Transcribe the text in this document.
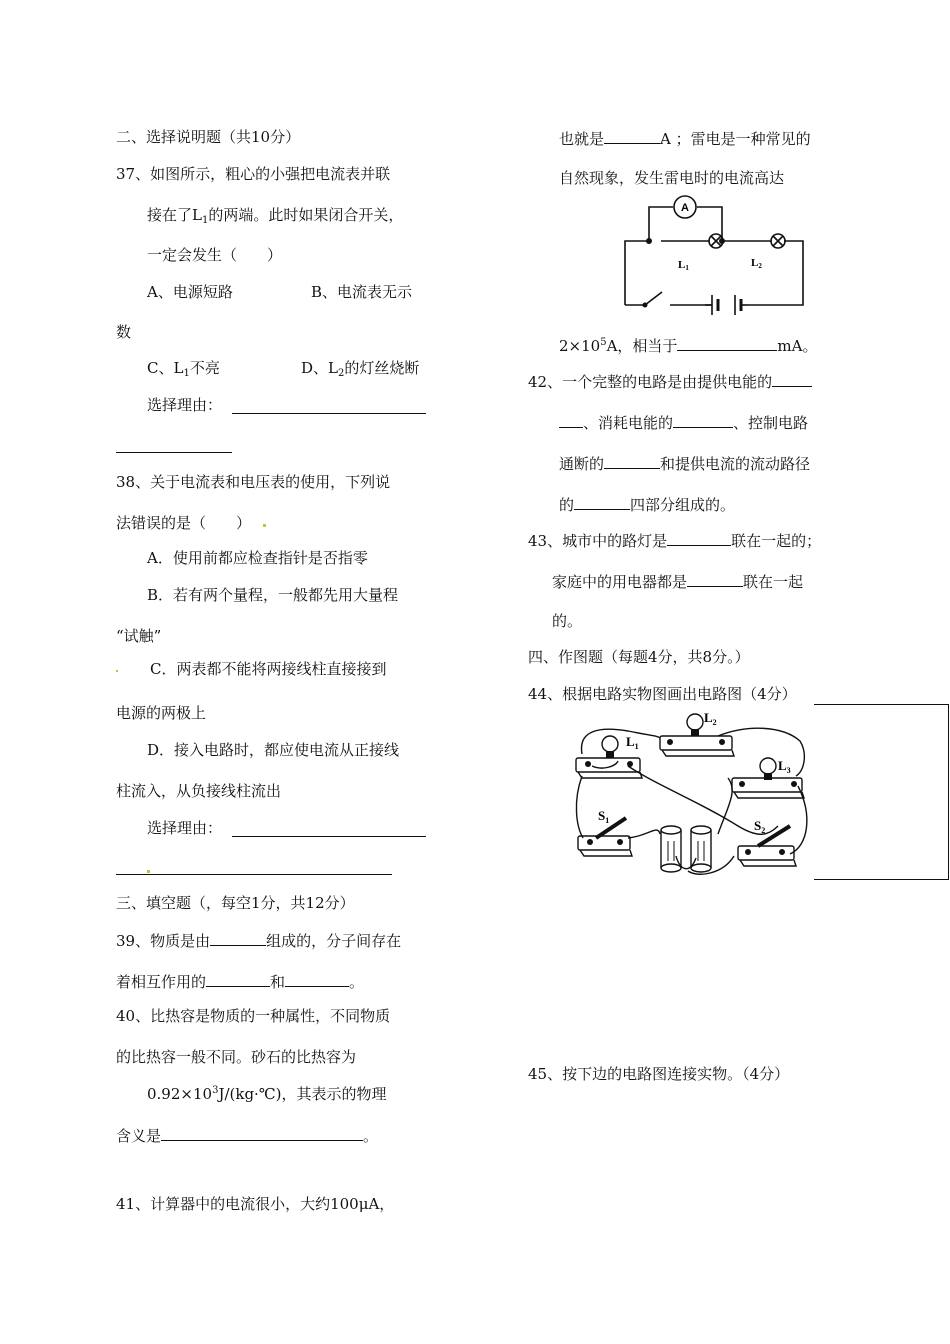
二、选择说明题（共10分）
37、如图所示，粗心的小强把电流表并联
接在了$L_1$的两端。此时如果闭合开关，
一定会发生（　　）
A、电源短路	B、电流表无示
数
C、$L_1$不亮	D、$L_2$的灯丝烧断
选择理由：
38、关于电流表和电压表的使用，下列说
法错误的是（　　）
A．使用前都应检查指针是否指零
B．若有两个量程，一般都先用大量程
“试触”
C．两表都不能将两接线柱直接接到
电源的两极上
D．接入电路时，都应使电流从正接线
柱流入，从负接线柱流出
选择理由：
三、填空题（，每空1分，共12分）
39、物质是由	组成的，分子间存在
着相互作用的	和	。
40、比热容是物质的一种属性，不同物质
的比热容一般不同。砂石的比热容为
$0.92\times 10^3J/(kg\cdot℃)$，其表示的物理
含义是	。
41、计算器中的电流很小，大约100μA，
也就是	A ；雷电是一种常见的
自然现象，发生雷电时的电流高达
A
L1	L2
$2\times 10^5A$，相当于	mA。
42、一个完整的电路是由提供电能的
、消耗电能的	、控制电路
通断的	和提供电流的流动路径
的	四部分组成的。
43、城市中的路灯是	联在一起的；
家庭中的用电器都是	联在一起
的。
四、作图题（每题4分，共8分。）
44、根据电路实物图画出电路图（4分）
$L_1$
$L_2$
$L_3$
$S_1$	$S_2$
45、按下边的电路图连接实物。（4分）
